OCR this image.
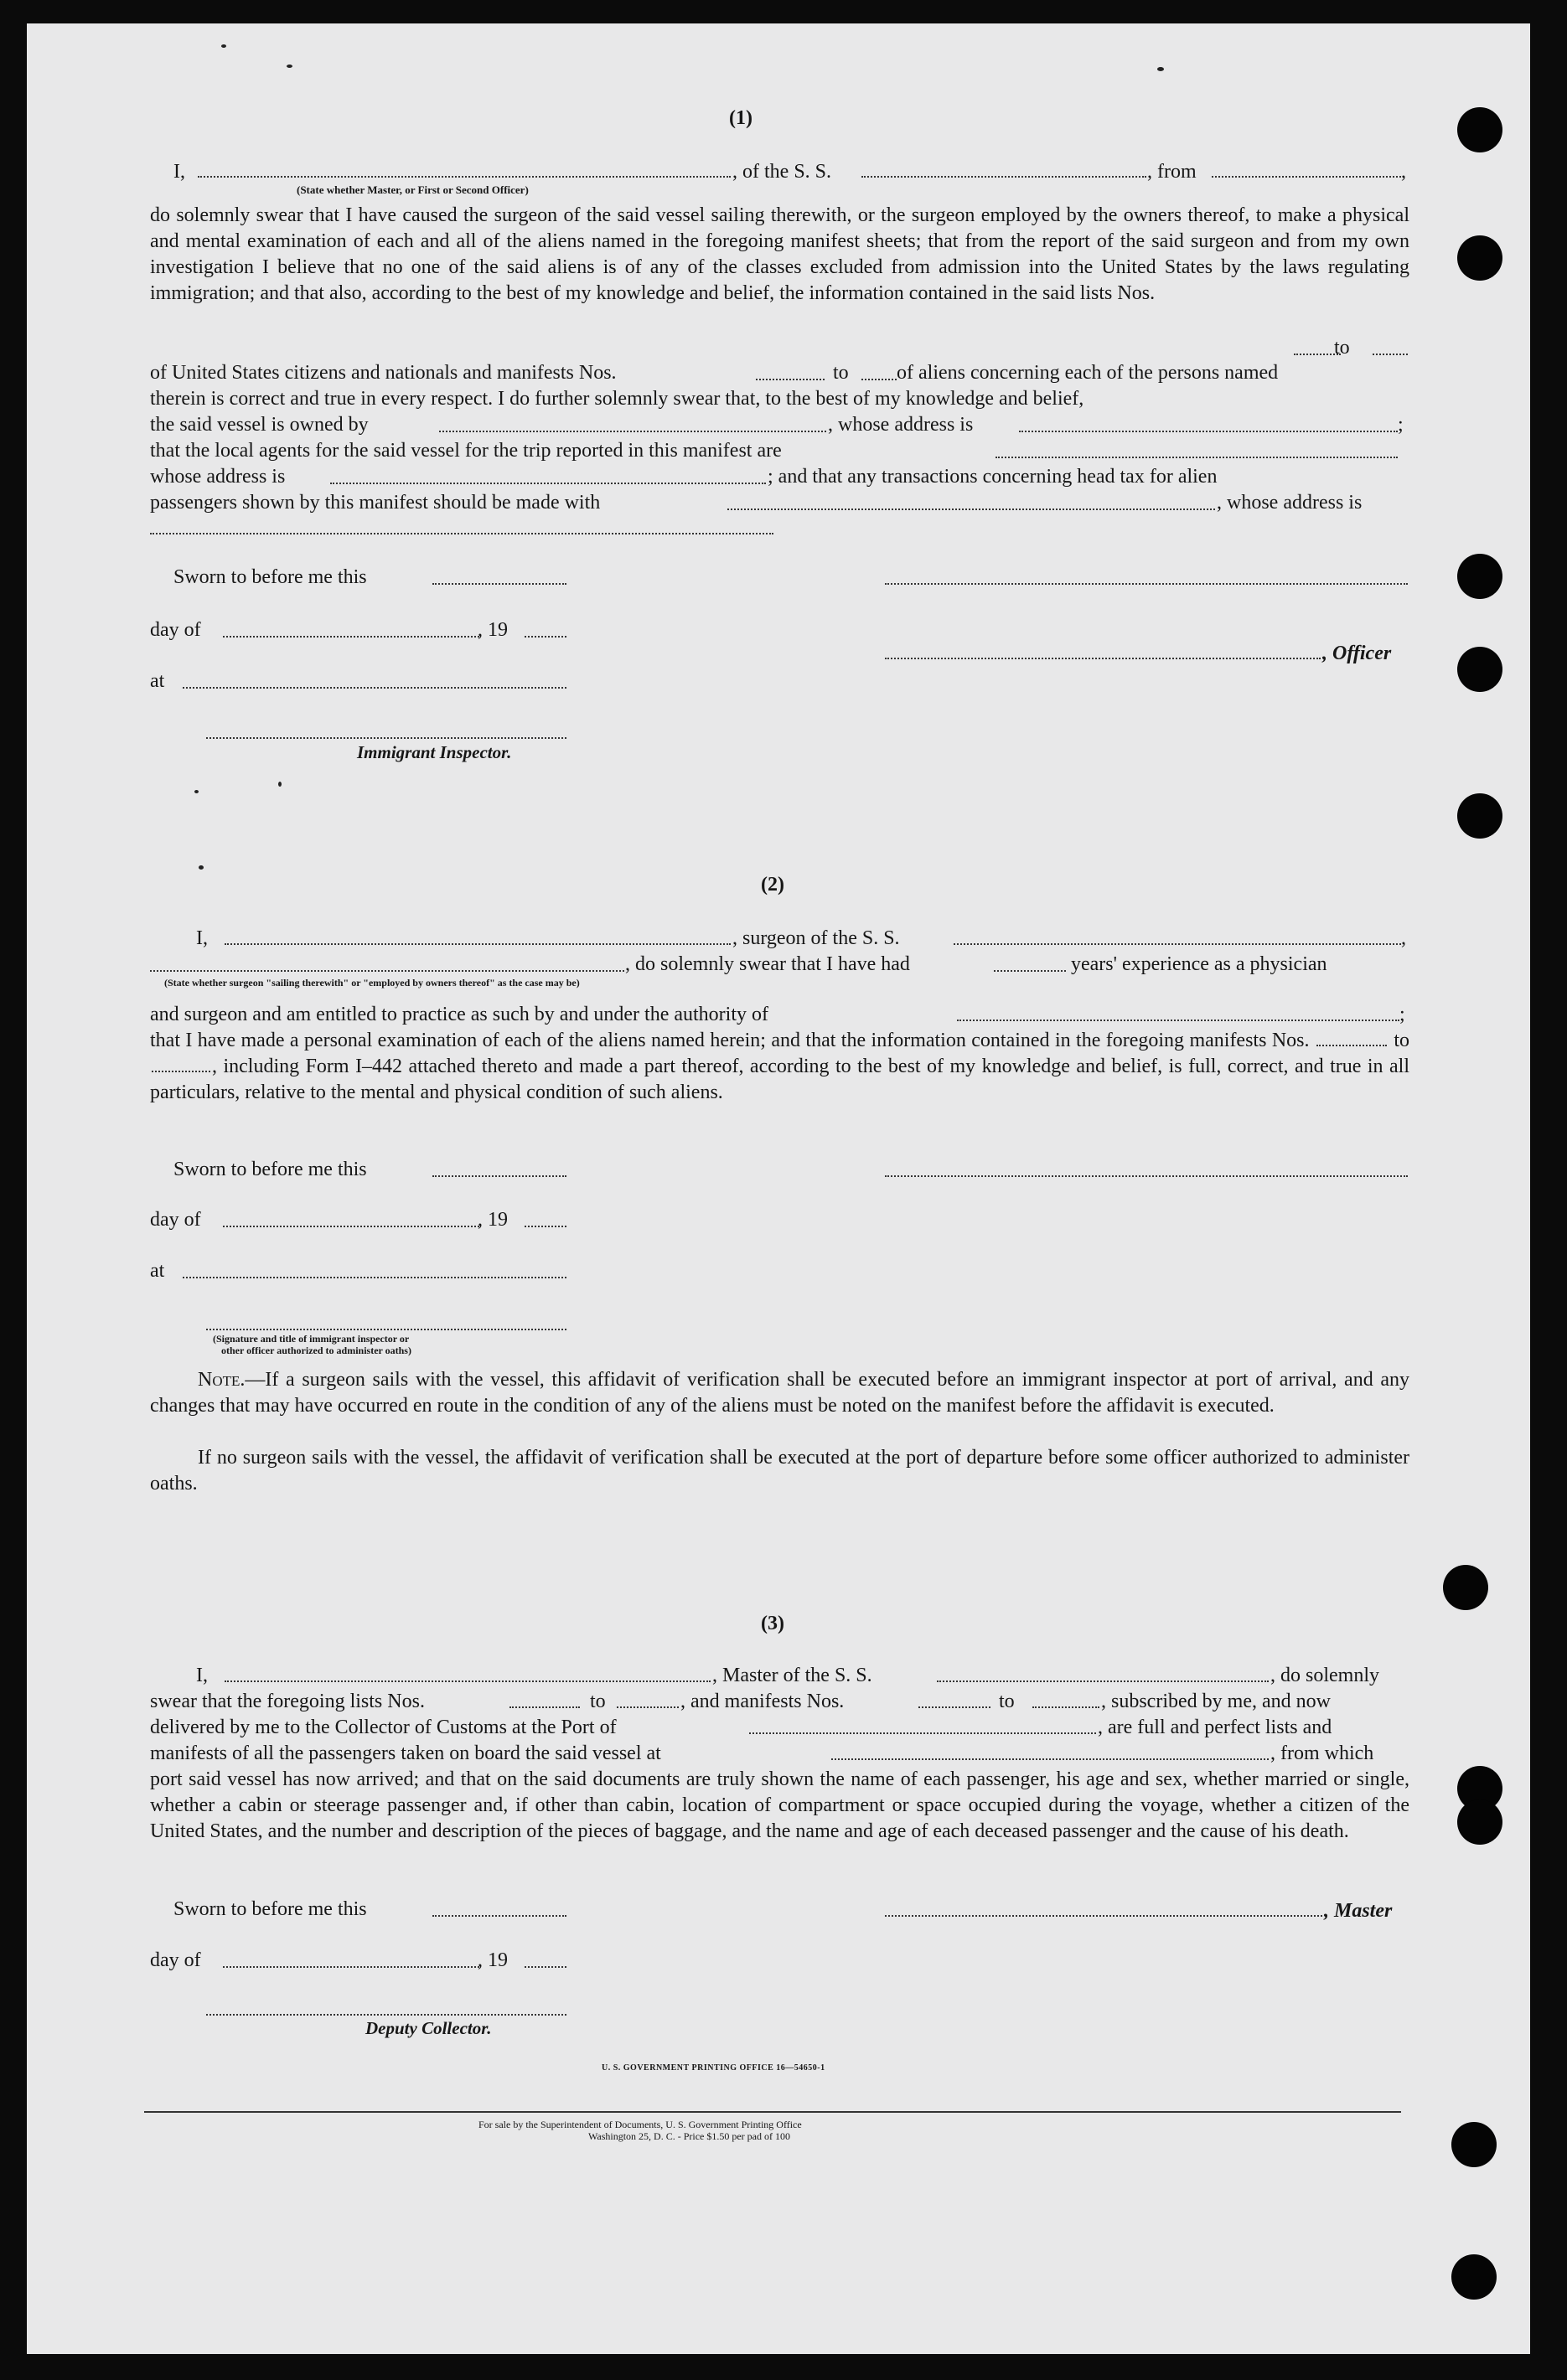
(1)
I,	, of the S. S.	, from	,
(State whether Master, or First or Second Officer)
do solemnly swear that I have caused the surgeon of the said vessel sailing therewith, or the surgeon employed by the owners thereof, to make a physical and mental examination of each and all of the aliens named in the foregoing manifest sheets; that from the report of the said surgeon and from my own investigation I believe that no one of the said aliens is of any of the classes excluded from admission into the United States by the laws regulating immigration; and that also, according to the best of my knowledge and belief, the information contained in the said lists Nos.
to
of United States citizens and nationals and manifests Nos.	to of aliens concerning each of the persons named
therein is correct and true in every respect. I do further solemnly swear that, to the best of my knowledge and belief,
the said vessel is owned by	, whose address is	;
that the local agents for the said vessel for the trip reported in this manifest are
whose address is	; and that any transactions concerning head tax for alien
passengers shown by this manifest should be made with	, whose address is
Sworn to before me this
day of	, 19
, Officer
at
Immigrant Inspector.
(2)
I,	, surgeon of the S. S.	,
, do solemnly swear that I have had	years' experience as a physician
(State whether surgeon "sailing therewith" or "employed by owners thereof" as the case may be)
and surgeon and am entitled to practice as such by and under the authority of	;
that I have made a personal examination of each of the aliens named herein; and that the information contained in the foregoing manifests Nos.	to , including Form I–442 attached thereto and made a part thereof, according to the best of my knowledge and belief, is full, correct, and true in all particulars, relative to the mental and physical condition of such aliens.
Sworn to before me this
day of	, 19
at
(Signature and title of immigrant inspector or
other officer authorized to administer oaths)
Note.—If a surgeon sails with the vessel, this affidavit of verification shall be executed before an immigrant inspector at port of arrival, and any changes that may have occurred en route in the condition of any of the aliens must be noted on the manifest before the affidavit is executed.
If no surgeon sails with the vessel, the affidavit of verification shall be executed at the port of departure before some officer authorized to administer oaths.
(3)
I,	, Master of the S. S.	, do solemnly
swear that the foregoing lists Nos.	to	, and manifests Nos.	to	, subscribed by me, and now
delivered by me to the Collector of Customs at the Port of	, are full and perfect lists and
manifests of all the passengers taken on board the said vessel at	, from which
port said vessel has now arrived; and that on the said documents are truly shown the name of each passenger, his age and sex, whether married or single, whether a cabin or steerage passenger and, if other than cabin, location of compartment or space occupied during the voyage, whether a citizen of the United States, and the number and description of the pieces of baggage, and the name and age of each deceased passenger and the cause of his death.
Sworn to before me this	, Master
day of	, 19
Deputy Collector.
U. S. GOVERNMENT PRINTING OFFICE 16—54650-1
For sale by the Superintendent of Documents, U. S. Government Printing Office
Washington 25, D. C. - Price $1.50 per pad of 100
